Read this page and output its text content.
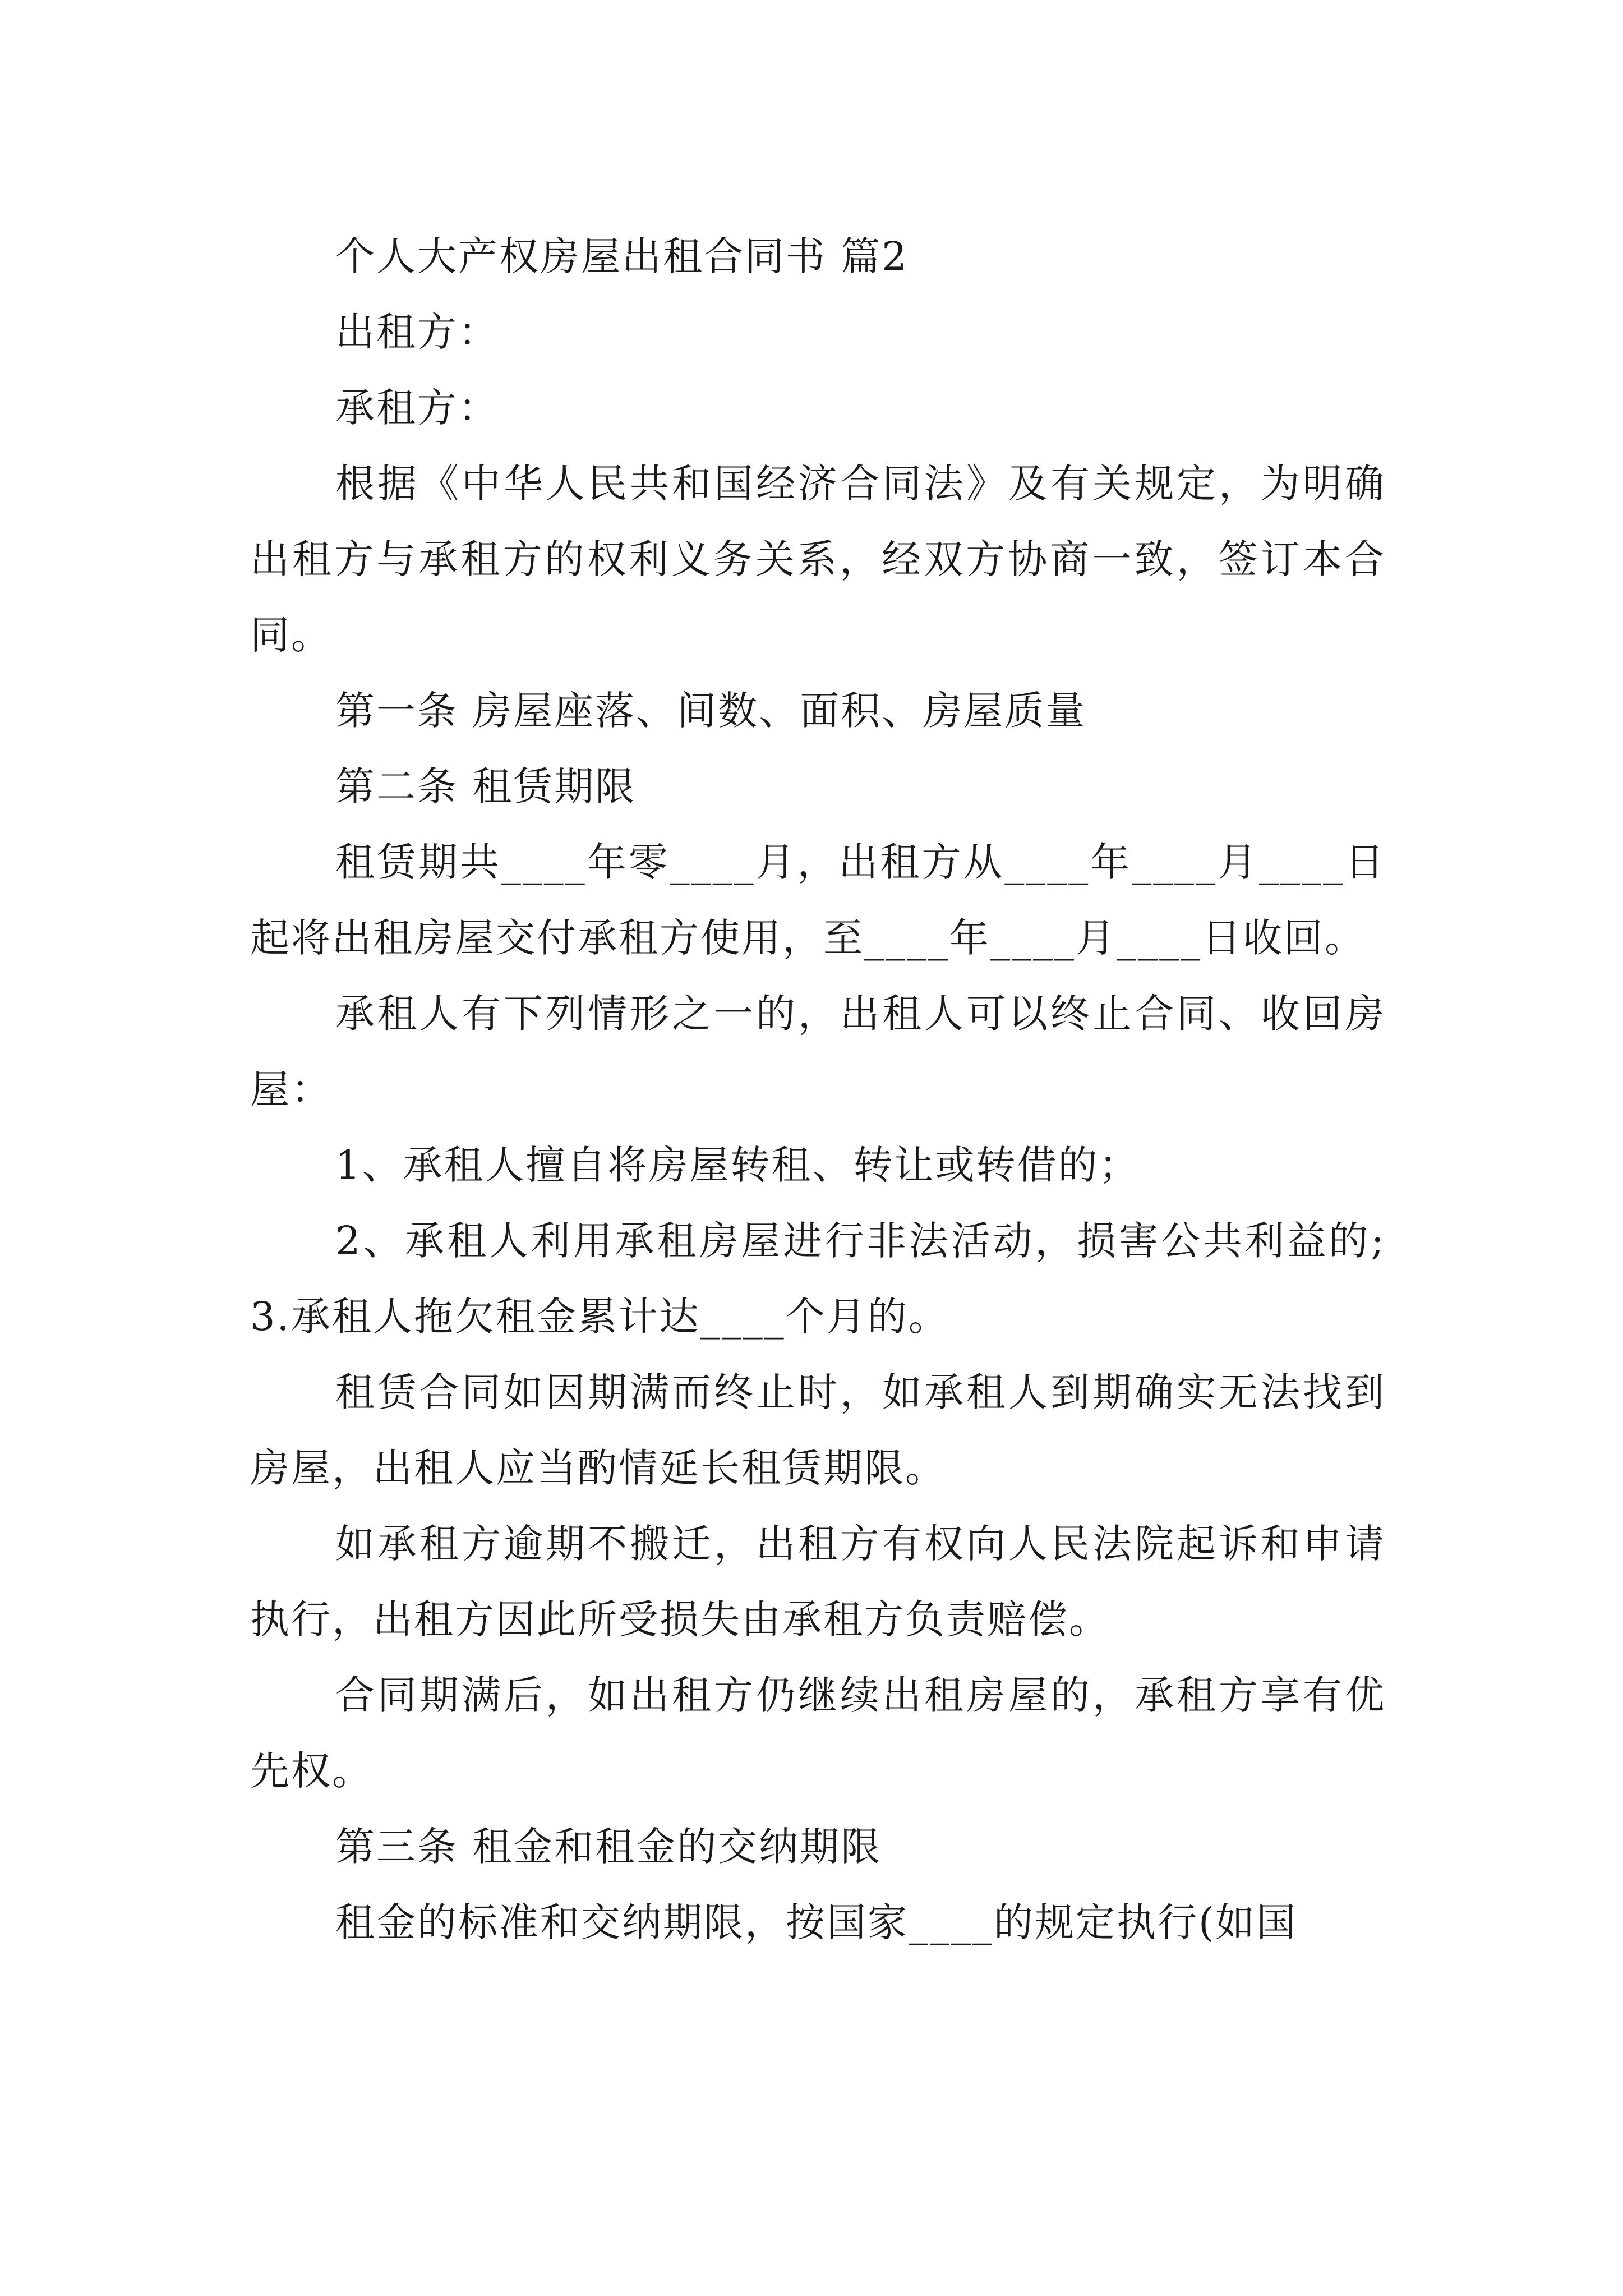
个人大产权房屋出租合同书 篇2

出租方：

承租方：

根据《中华人民共和国经济合同法》及有关规定，为明确出租方与承租方的权利义务关系，经双方协商一致，签订本合同。

第一条 房屋座落、间数、面积、房屋质量

第二条 租赁期限

租赁期共____年零____月，出租方从____年____月____日起将出租房屋交付承租方使用，至____年____月____日收回。

承租人有下列情形之一的，出租人可以终止合同、收回房屋：

1、承租人擅自将房屋转租、转让或转借的；

2、承租人利用承租房屋进行非法活动，损害公共利益的;3.承租人拖欠租金累计达____个月的。

租赁合同如因期满而终止时，如承租人到期确实无法找到房屋，出租人应当酌情延长租赁期限。

如承租方逾期不搬迁，出租方有权向人民法院起诉和申请执行，出租方因此所受损失由承租方负责赔偿。

合同期满后，如出租方仍继续出租房屋的，承租方享有优先权。

第三条 租金和租金的交纳期限

租金的标准和交纳期限，按国家____的规定执行(如国
